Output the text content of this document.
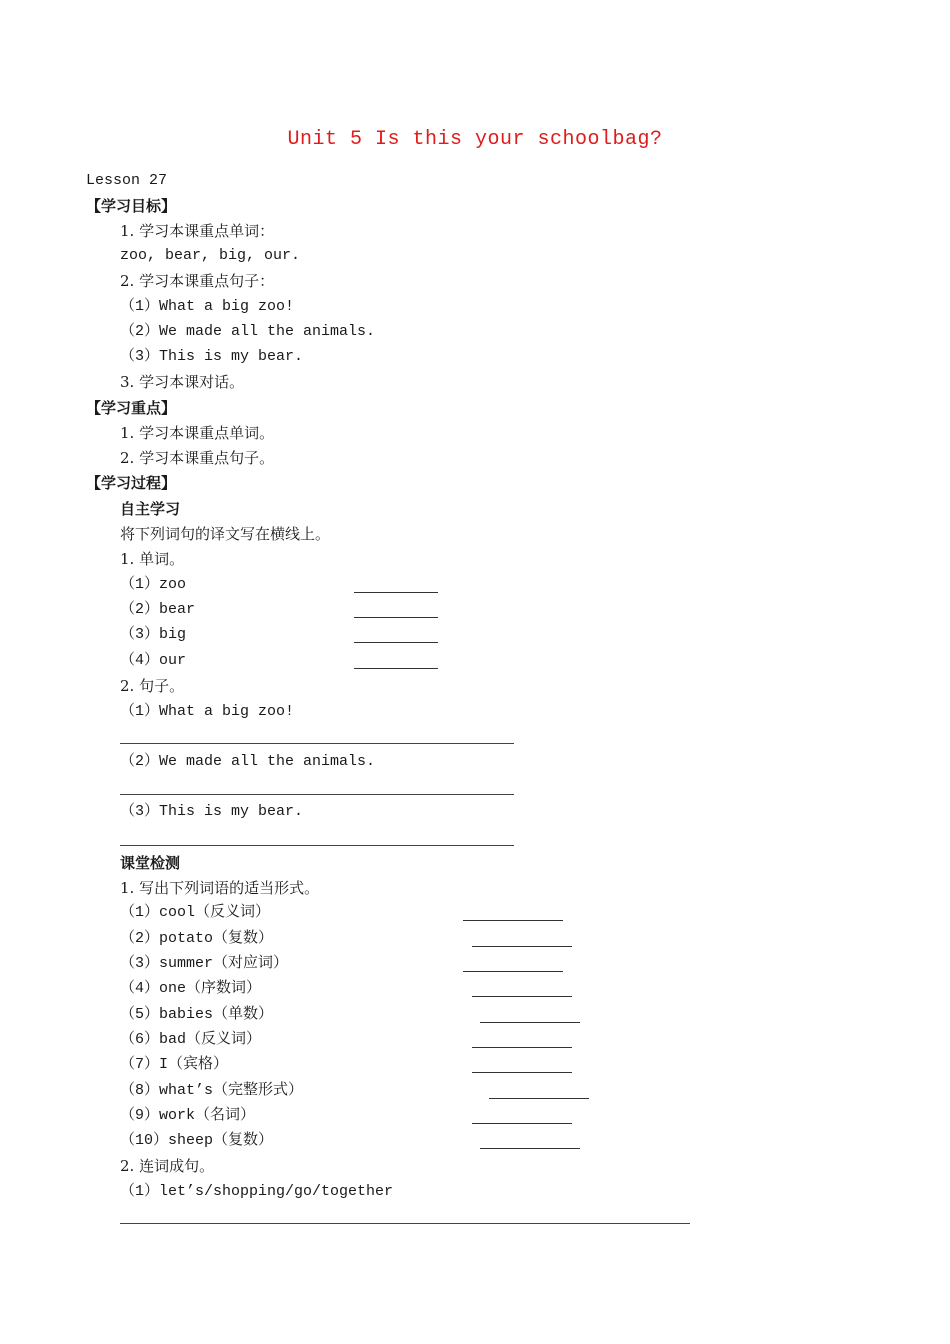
Unit 5 Is this your schoolbag?
Lesson 27
【学习目标】
1. 学习本课重点单词：
zoo, bear, big, our.
2. 学习本课重点句子：
（1）What a big zoo!
（2）We made all the animals.
（3）This is my bear.
3. 学习本课对话。
【学习重点】
1. 学习本课重点单词。
2. 学习本课重点句子。
【学习过程】
自主学习
将下列词句的译文写在横线上。
1. 单词。
（1）zoo
（2）bear
（3）big
（4）our
2. 句子。
（1）What a big zoo!
（2）We made all the animals.
（3）This is my bear.
课堂检测
1. 写出下列词语的适当形式。
（1）cool（反义词）
（2）potato（复数）
（3）summer（对应词）
（4）one（序数词）
（5）babies（单数）
（6）bad（反义词）
（7）I（宾格）
（8）what’s（完整形式）
（9）work（名词）
（10）sheep（复数）
2. 连词成句。
（1）let’s/shopping/go/together
